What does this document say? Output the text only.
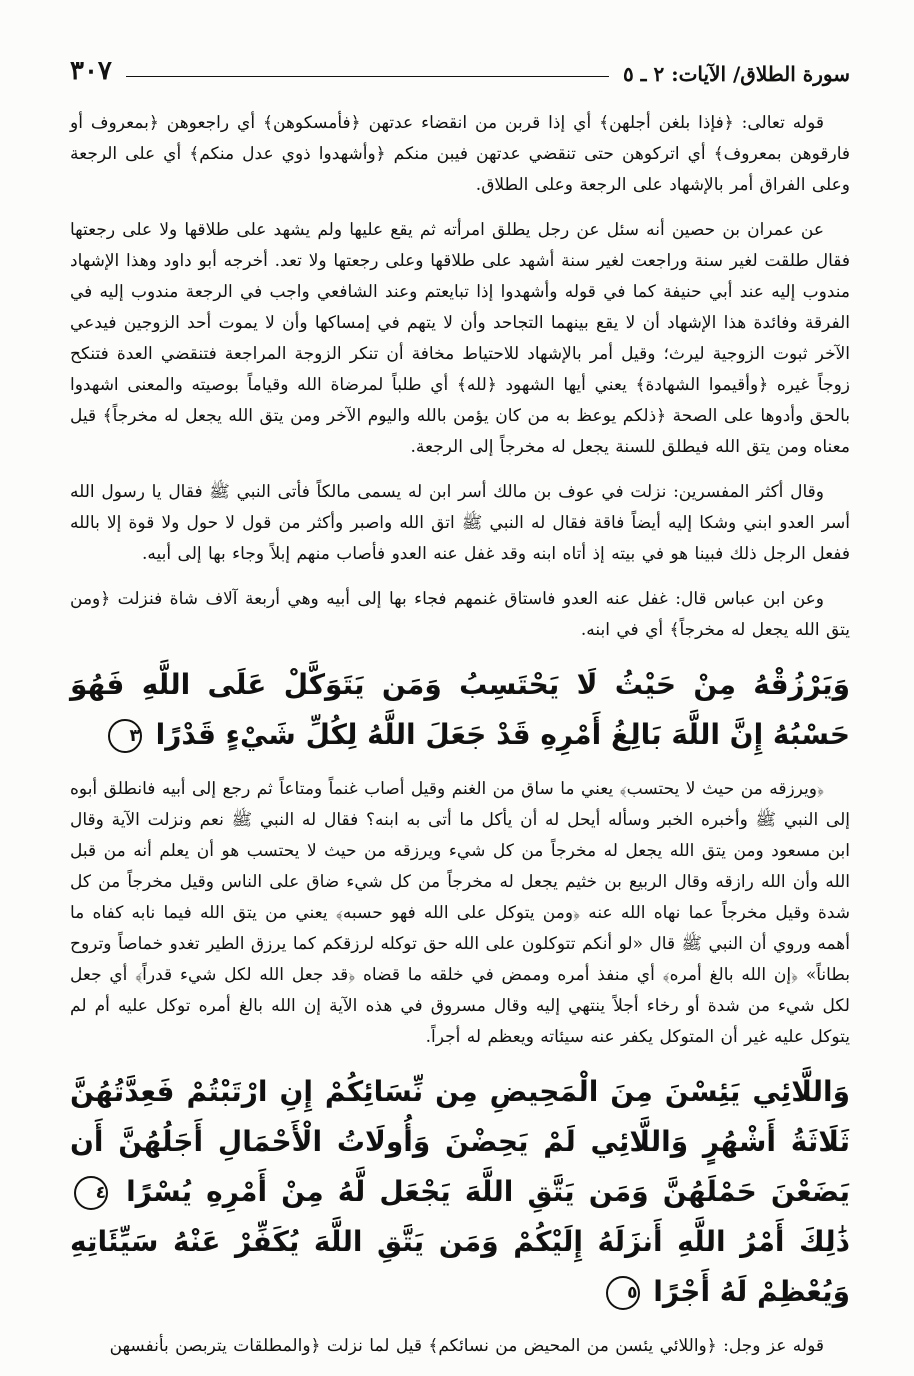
سورة الطلاق/ الآيات: ٢ ـ ٥
٣٠٧

قوله تعالى: ﴿فإذا بلغن أجلهن﴾ أي إذا قربن من انقضاء عدتهن ﴿فأمسكوهن﴾ أي راجعوهن ﴿بمعروف أو فارقوهن بمعروف﴾ أي اتركوهن حتى تنقضي عدتهن فيبن منكم ﴿وأشهدوا ذوي عدل منكم﴾ أي على الرجعة وعلى الفراق أمر بالإشهاد على الرجعة وعلى الطلاق.

عن عمران بن حصين أنه سئل عن رجل يطلق امرأته ثم يقع عليها ولم يشهد على طلاقها ولا على رجعتها فقال طلقت لغير سنة وراجعت لغير سنة أشهد على طلاقها وعلى رجعتها ولا تعد. أخرجه أبو داود وهذا الإشهاد مندوب إليه عند أبي حنيفة كما في قوله وأشهدوا إذا تبايعتم وعند الشافعي واجب في الرجعة مندوب إليه في الفرقة وفائدة هذا الإشهاد أن لا يقع بينهما التجاحد وأن لا يتهم في إمساكها وأن لا يموت أحد الزوجين فيدعي الآخر ثبوت الزوجية ليرث؛ وقيل أمر بالإشهاد للاحتياط مخافة أن تنكر الزوجة المراجعة فتنقضي العدة فتنكح زوجاً غيره ﴿وأقيموا الشهادة﴾ يعني أيها الشهود ﴿لله﴾ أي طلباً لمرضاة الله وقياماً بوصيته والمعنى اشهدوا بالحق وأدوها على الصحة ﴿ذلكم يوعظ به من كان يؤمن بالله واليوم الآخر ومن يتق الله يجعل له مخرجاً﴾ قيل معناه ومن يتق الله فيطلق للسنة يجعل له مخرجاً إلى الرجعة.

وقال أكثر المفسرين: نزلت في عوف بن مالك أسر ابن له يسمى مالكاً فأتى النبي ﷺ فقال يا رسول الله أسر العدو ابني وشكا إليه أيضاً فاقة فقال له النبي ﷺ اتق الله واصبر وأكثر من قول لا حول ولا قوة إلا بالله ففعل الرجل ذلك فبينا هو في بيته إذ أتاه ابنه وقد غفل عنه العدو فأصاب منهم إبلاً وجاء بها إلى أبيه.

وعن ابن عباس قال: غفل عنه العدو فاستاق غنمهم فجاء بها إلى أبيه وهي أربعة آلاف شاة فنزلت ﴿ومن يتق الله يجعل له مخرجاً﴾ أي في ابنه.

وَيَرْزُقْهُ مِنْ حَيْثُ لَا يَحْتَسِبُ وَمَن يَتَوَكَّلْ عَلَى اللَّهِ فَهُوَ حَسْبُهُ إِنَّ اللَّهَ بَالِغُ أَمْرِهِ قَدْ جَعَلَ اللَّهُ لِكُلِّ شَيْءٍ قَدْرًا ٣

﴿ويرزقه من حيث لا يحتسب﴾ يعني ما ساق من الغنم وقيل أصاب غنماً ومتاعاً ثم رجع إلى أبيه فانطلق أبوه إلى النبي ﷺ وأخبره الخبر وسأله أيحل له أن يأكل ما أتى به ابنه؟ فقال له النبي ﷺ نعم ونزلت الآية وقال ابن مسعود ومن يتق الله يجعل له مخرجاً من كل شيء ويرزقه من حيث لا يحتسب هو أن يعلم أنه من قبل الله وأن الله رازقه وقال الربيع بن خثيم يجعل له مخرجاً من كل شيء ضاق على الناس وقيل مخرجاً من كل شدة وقيل مخرجاً عما نهاه الله عنه ﴿ومن يتوكل على الله فهو حسبه﴾ يعني من يتق الله فيما نابه كفاه ما أهمه وروي أن النبي ﷺ قال «لو أنكم تتوكلون على الله حق توكله لرزقكم كما يرزق الطير تغدو خماصاً وتروح بطاناً» ﴿إن الله بالغ أمره﴾ أي منفذ أمره وممض في خلقه ما قضاه ﴿قد جعل الله لكل شيء قدراً﴾ أي جعل لكل شيء من شدة أو رخاء أجلاً ينتهي إليه وقال مسروق في هذه الآية إن الله بالغ أمره توكل عليه أم لم يتوكل عليه غير أن المتوكل يكفر عنه سيئاته ويعظم له أجراً.

وَاللَّائِي يَئِسْنَ مِنَ الْمَحِيضِ مِن نِّسَائِكُمْ إِنِ ارْتَبْتُمْ فَعِدَّتُهُنَّ ثَلَاثَةُ أَشْهُرٍ وَاللَّائِي لَمْ يَحِضْنَ وَأُولَاتُ الْأَحْمَالِ أَجَلُهُنَّ أَن يَضَعْنَ حَمْلَهُنَّ وَمَن يَتَّقِ اللَّهَ يَجْعَل لَّهُ مِنْ أَمْرِهِ يُسْرًا ٤ ذَٰلِكَ أَمْرُ اللَّهِ أَنزَلَهُ إِلَيْكُمْ وَمَن يَتَّقِ اللَّهَ يُكَفِّرْ عَنْهُ سَيِّئَاتِهِ وَيُعْظِمْ لَهُ أَجْرًا ٥

قوله عز وجل: ﴿واللائي يئسن من المحيض من نسائكم﴾ قيل لما نزلت ﴿والمطلقات يتربصن بأنفسهن
